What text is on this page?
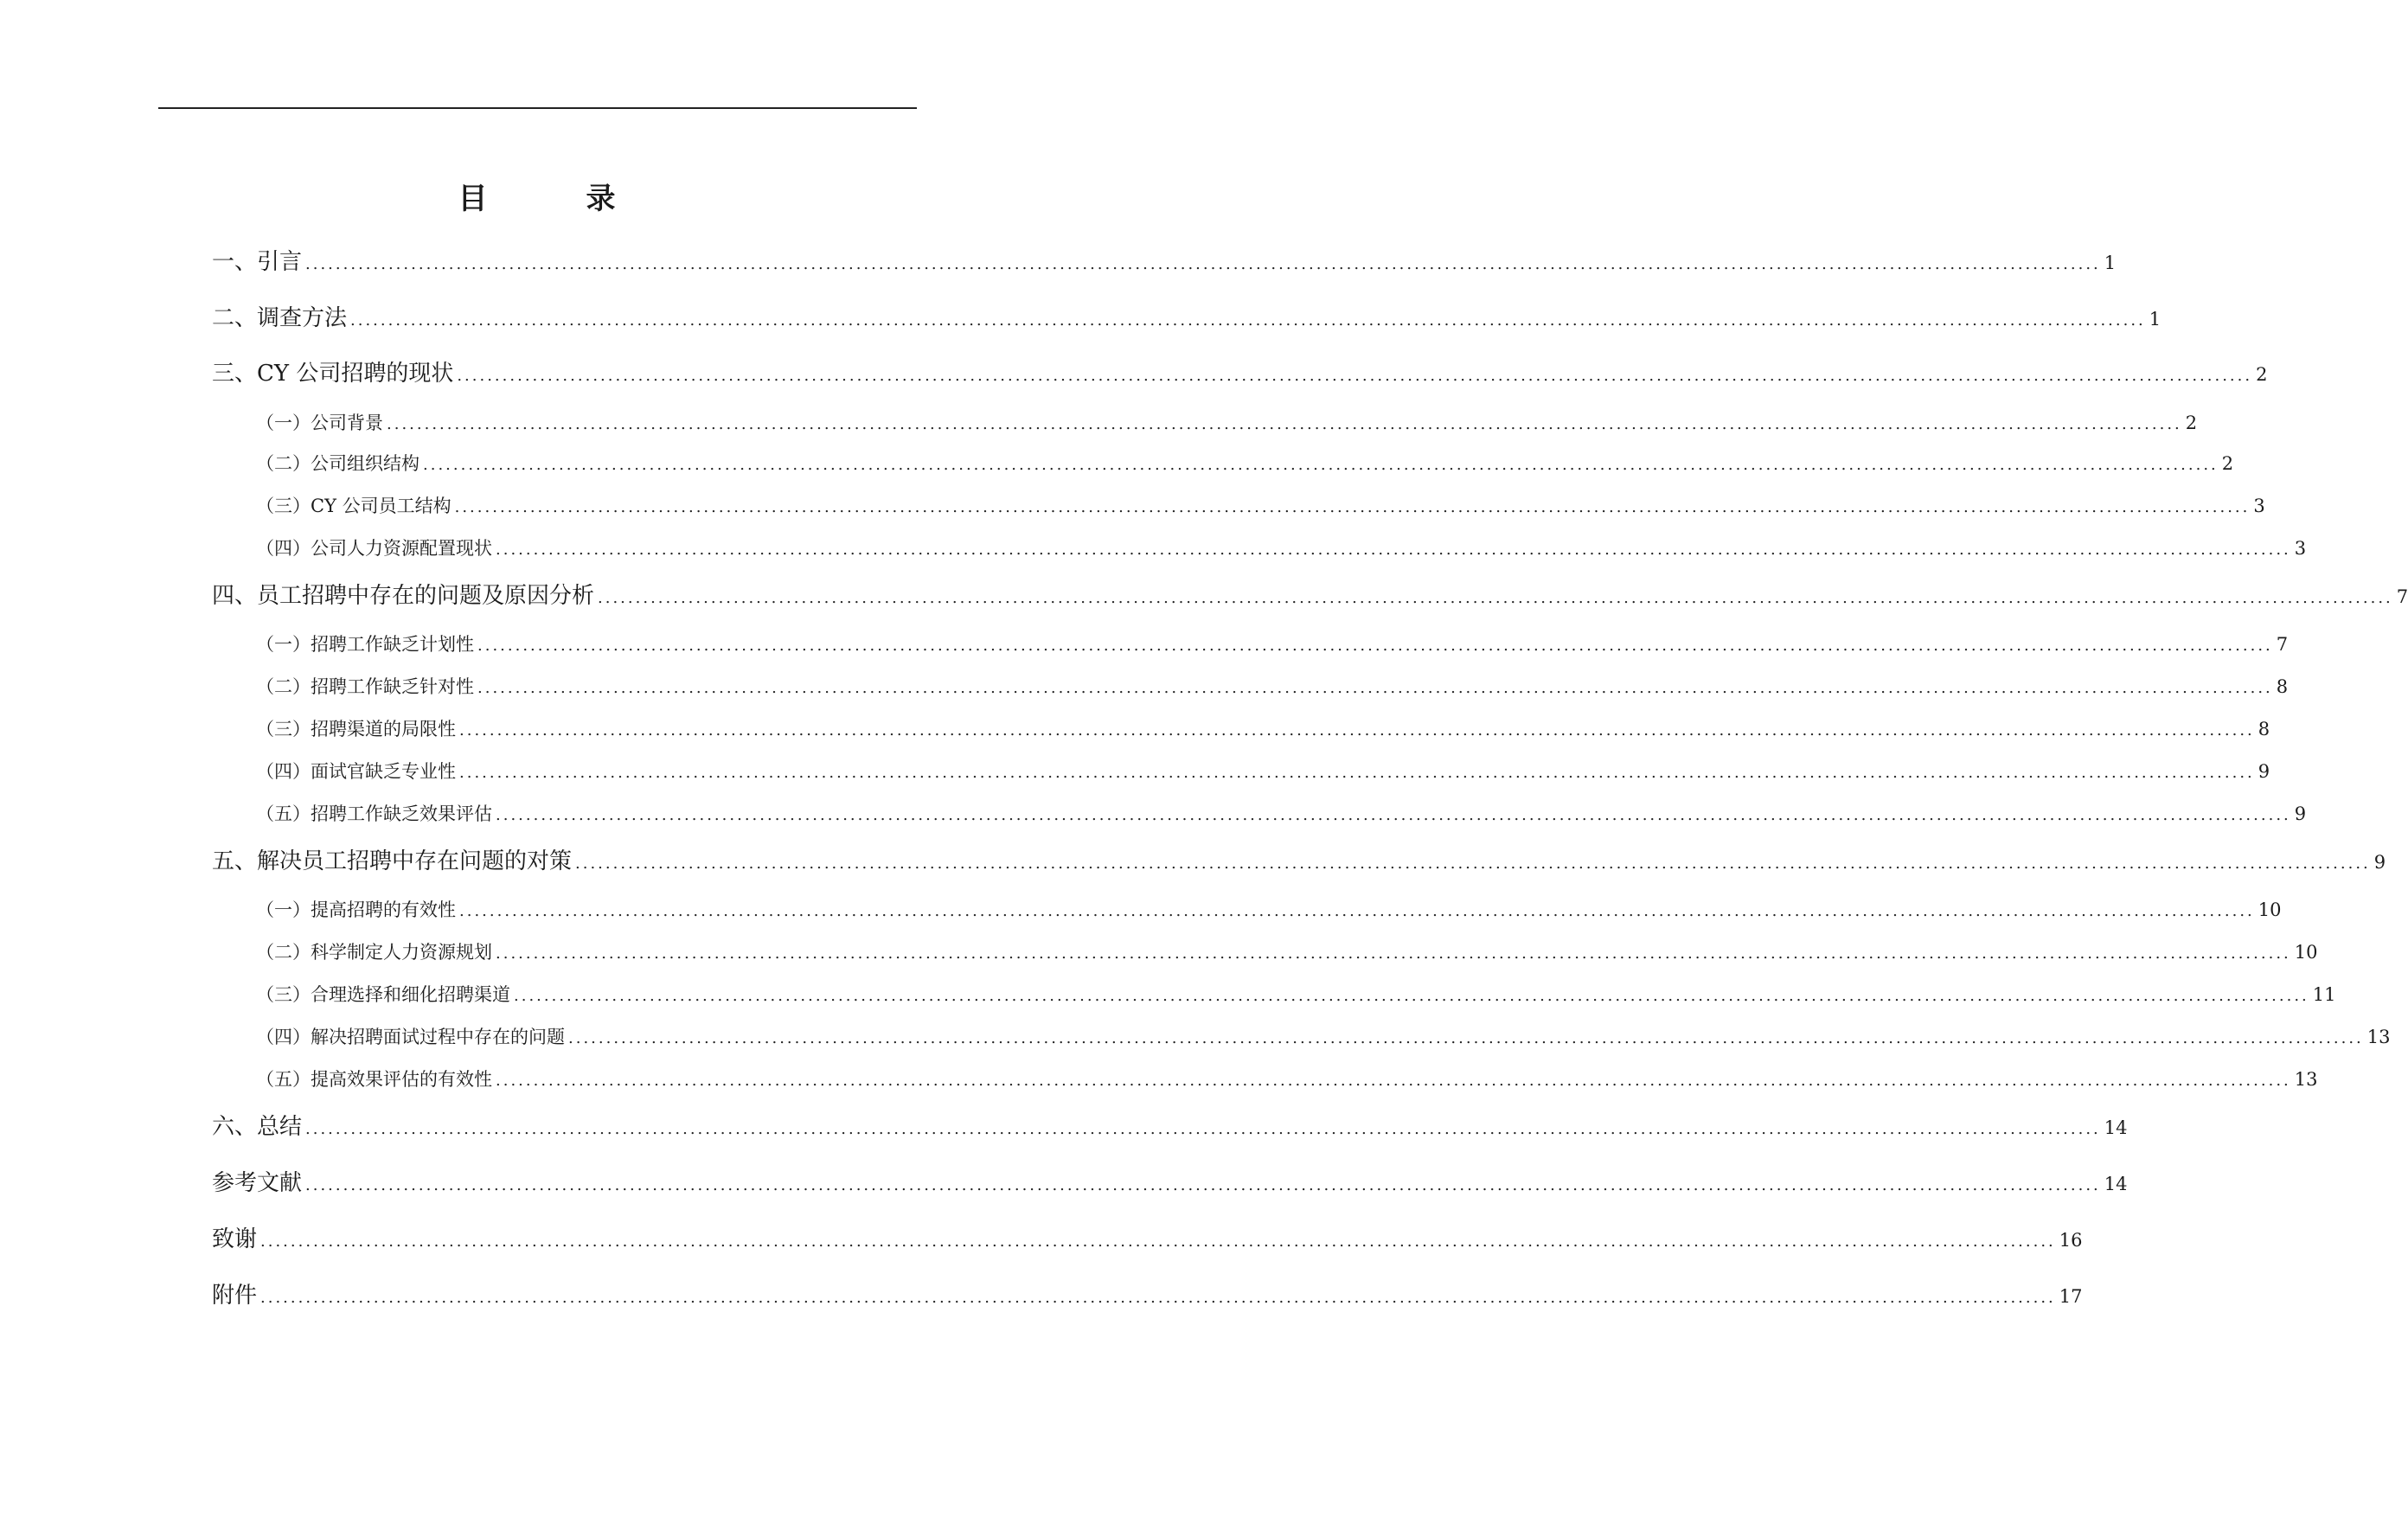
目　录
一、引言 .............................................................................................................................................................................................................................................. 1
二、调查方法 .............................................................................................................................................................................................................................................. 1
三、CY 公司招聘的现状 .............................................................................................................................................................................................................................................. 2
（一）公司背景 .............................................................................................................................................................................................................................................. 2
（二）公司组织结构 .............................................................................................................................................................................................................................................. 2
（三）CY 公司员工结构 .............................................................................................................................................................................................................................................. 3
（四）公司人力资源配置现状 .............................................................................................................................................................................................................................................. 3
四、员工招聘中存在的问题及原因分析 .............................................................................................................................................................................................................................................. 7
（一）招聘工作缺乏计划性 .............................................................................................................................................................................................................................................. 7
（二）招聘工作缺乏针对性 .............................................................................................................................................................................................................................................. 8
（三）招聘渠道的局限性 .............................................................................................................................................................................................................................................. 8
（四）面试官缺乏专业性 .............................................................................................................................................................................................................................................. 9
（五）招聘工作缺乏效果评估 .............................................................................................................................................................................................................................................. 9
五、解决员工招聘中存在问题的对策 .............................................................................................................................................................................................................................................. 9
（一）提高招聘的有效性 .............................................................................................................................................................................................................................................. 10
（二）科学制定人力资源规划 .............................................................................................................................................................................................................................................. 10
（三）合理选择和细化招聘渠道 .............................................................................................................................................................................................................................................. 11
（四）解决招聘面试过程中存在的问题 .............................................................................................................................................................................................................................................. 13
（五）提高效果评估的有效性 .............................................................................................................................................................................................................................................. 13
六、总结 .............................................................................................................................................................................................................................................. 14
参考文献 .............................................................................................................................................................................................................................................. 14
致谢 .............................................................................................................................................................................................................................................. 16
附件 .............................................................................................................................................................................................................................................. 17
